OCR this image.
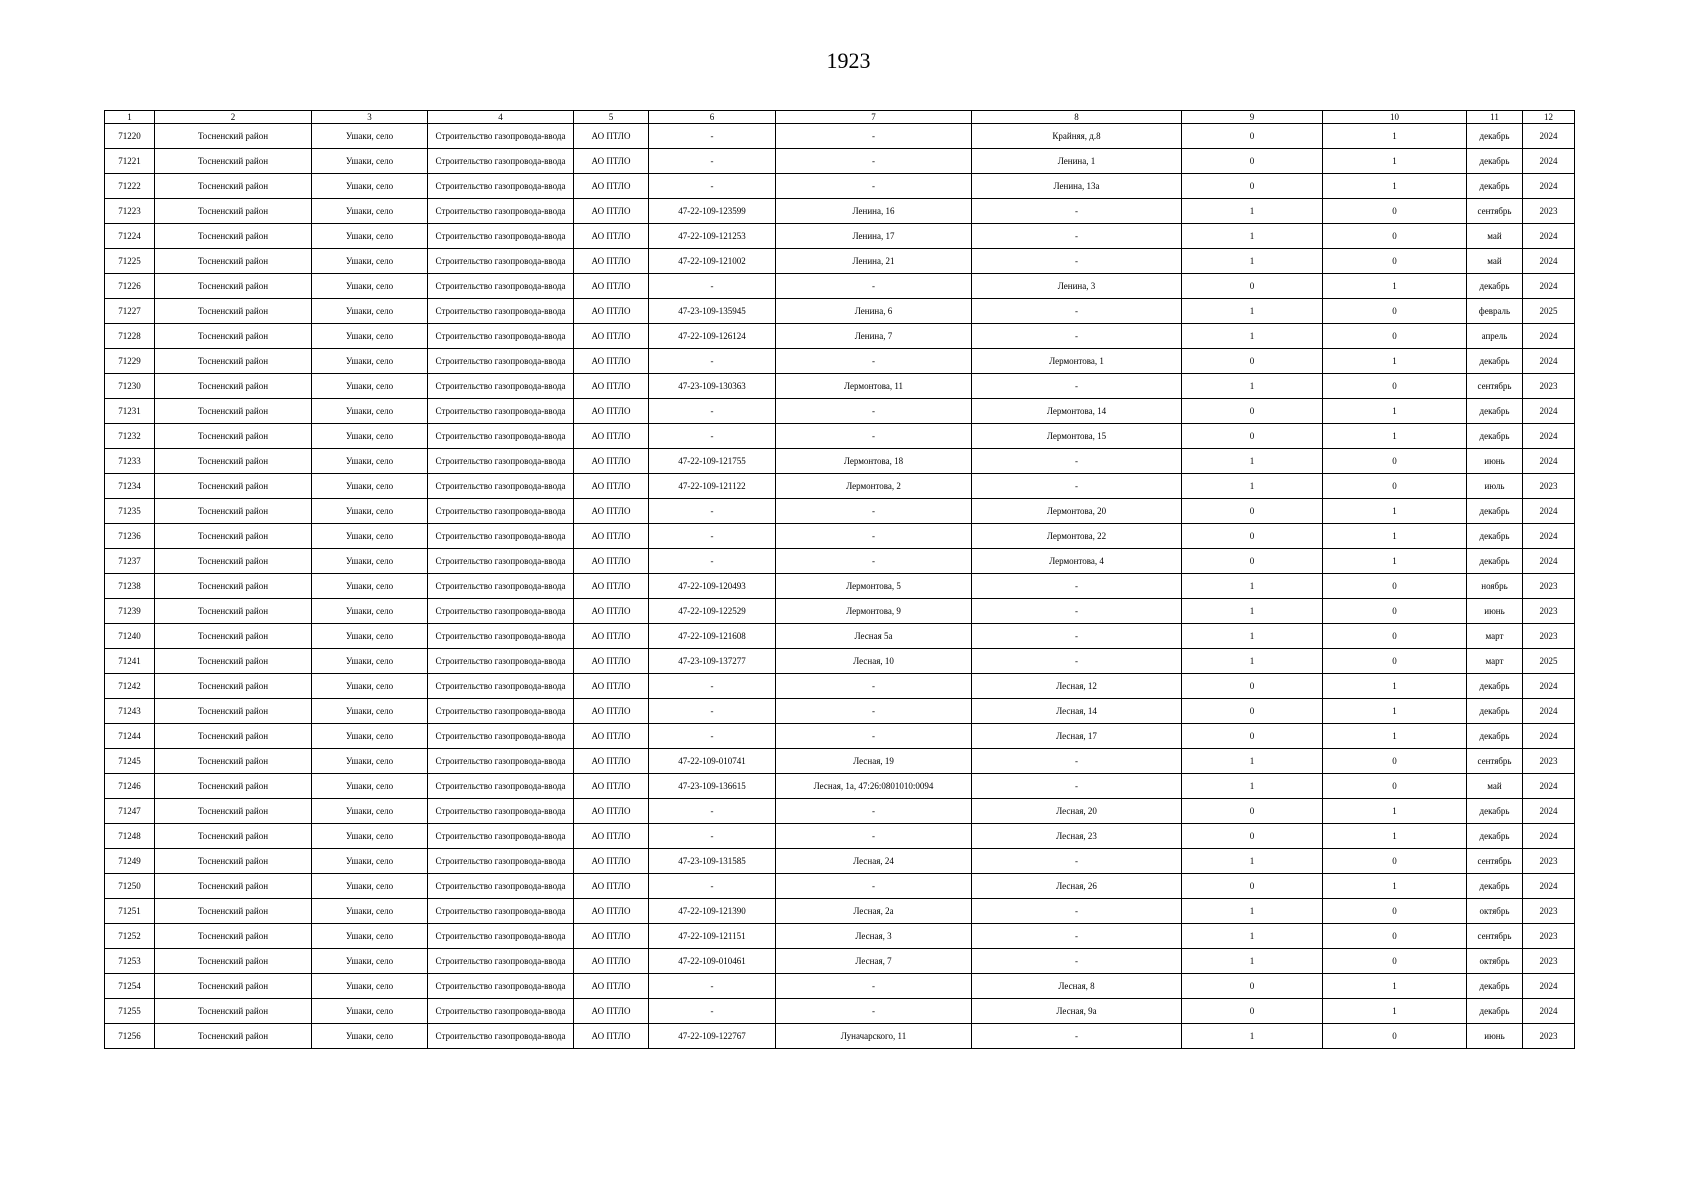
1923
1	2	3	4	5	6	7	8	9	10	11	12
71220	Тосненский район	Ушаки, село	Строительство газопровода-ввода	АО ПТЛО	-	-	Крайняя, д.8	0	1	декабрь	2024
71221	Тосненский район	Ушаки, село	Строительство газопровода-ввода	АО ПТЛО	-	-	Ленина, 1	0	1	декабрь	2024
71222	Тосненский район	Ушаки, село	Строительство газопровода-ввода	АО ПТЛО	-	-	Ленина, 13а	0	1	декабрь	2024
71223	Тосненский район	Ушаки, село	Строительство газопровода-ввода	АО ПТЛО	47-22-109-123599	Ленина, 16	-	1	0	сентябрь	2023
71224	Тосненский район	Ушаки, село	Строительство газопровода-ввода	АО ПТЛО	47-22-109-121253	Ленина, 17	-	1	0	май	2024
71225	Тосненский район	Ушаки, село	Строительство газопровода-ввода	АО ПТЛО	47-22-109-121002	Ленина, 21	-	1	0	май	2024
71226	Тосненский район	Ушаки, село	Строительство газопровода-ввода	АО ПТЛО	-	-	Ленина, 3	0	1	декабрь	2024
71227	Тосненский район	Ушаки, село	Строительство газопровода-ввода	АО ПТЛО	47-23-109-135945	Ленина, 6	-	1	0	февраль	2025
71228	Тосненский район	Ушаки, село	Строительство газопровода-ввода	АО ПТЛО	47-22-109-126124	Ленина, 7	-	1	0	апрель	2024
71229	Тосненский район	Ушаки, село	Строительство газопровода-ввода	АО ПТЛО	-	-	Лермонтова, 1	0	1	декабрь	2024
71230	Тосненский район	Ушаки, село	Строительство газопровода-ввода	АО ПТЛО	47-23-109-130363	Лермонтова, 11	-	1	0	сентябрь	2023
71231	Тосненский район	Ушаки, село	Строительство газопровода-ввода	АО ПТЛО	-	-	Лермонтова, 14	0	1	декабрь	2024
71232	Тосненский район	Ушаки, село	Строительство газопровода-ввода	АО ПТЛО	-	-	Лермонтова, 15	0	1	декабрь	2024
71233	Тосненский район	Ушаки, село	Строительство газопровода-ввода	АО ПТЛО	47-22-109-121755	Лермонтова, 18	-	1	0	июнь	2024
71234	Тосненский район	Ушаки, село	Строительство газопровода-ввода	АО ПТЛО	47-22-109-121122	Лермонтова, 2	-	1	0	июль	2023
71235	Тосненский район	Ушаки, село	Строительство газопровода-ввода	АО ПТЛО	-	-	Лермонтова, 20	0	1	декабрь	2024
71236	Тосненский район	Ушаки, село	Строительство газопровода-ввода	АО ПТЛО	-	-	Лермонтова, 22	0	1	декабрь	2024
71237	Тосненский район	Ушаки, село	Строительство газопровода-ввода	АО ПТЛО	-	-	Лермонтова, 4	0	1	декабрь	2024
71238	Тосненский район	Ушаки, село	Строительство газопровода-ввода	АО ПТЛО	47-22-109-120493	Лермонтова, 5	-	1	0	ноябрь	2023
71239	Тосненский район	Ушаки, село	Строительство газопровода-ввода	АО ПТЛО	47-22-109-122529	Лермонтова, 9	-	1	0	июнь	2023
71240	Тосненский район	Ушаки, село	Строительство газопровода-ввода	АО ПТЛО	47-22-109-121608	Лесная 5а	-	1	0	март	2023
71241	Тосненский район	Ушаки, село	Строительство газопровода-ввода	АО ПТЛО	47-23-109-137277	Лесная, 10	-	1	0	март	2025
71242	Тосненский район	Ушаки, село	Строительство газопровода-ввода	АО ПТЛО	-	-	Лесная, 12	0	1	декабрь	2024
71243	Тосненский район	Ушаки, село	Строительство газопровода-ввода	АО ПТЛО	-	-	Лесная, 14	0	1	декабрь	2024
71244	Тосненский район	Ушаки, село	Строительство газопровода-ввода	АО ПТЛО	-	-	Лесная, 17	0	1	декабрь	2024
71245	Тосненский район	Ушаки, село	Строительство газопровода-ввода	АО ПТЛО	47-22-109-010741	Лесная, 19	-	1	0	сентябрь	2023
71246	Тосненский район	Ушаки, село	Строительство газопровода-ввода	АО ПТЛО	47-23-109-136615	Лесная, 1а, 47:26:0801010:0094	-	1	0	май	2024
71247	Тосненский район	Ушаки, село	Строительство газопровода-ввода	АО ПТЛО	-	-	Лесная, 20	0	1	декабрь	2024
71248	Тосненский район	Ушаки, село	Строительство газопровода-ввода	АО ПТЛО	-	-	Лесная, 23	0	1	декабрь	2024
71249	Тосненский район	Ушаки, село	Строительство газопровода-ввода	АО ПТЛО	47-23-109-131585	Лесная, 24	-	1	0	сентябрь	2023
71250	Тосненский район	Ушаки, село	Строительство газопровода-ввода	АО ПТЛО	-	-	Лесная, 26	0	1	декабрь	2024
71251	Тосненский район	Ушаки, село	Строительство газопровода-ввода	АО ПТЛО	47-22-109-121390	Лесная, 2а	-	1	0	октябрь	2023
71252	Тосненский район	Ушаки, село	Строительство газопровода-ввода	АО ПТЛО	47-22-109-121151	Лесная, 3	-	1	0	сентябрь	2023
71253	Тосненский район	Ушаки, село	Строительство газопровода-ввода	АО ПТЛО	47-22-109-010461	Лесная, 7	-	1	0	октябрь	2023
71254	Тосненский район	Ушаки, село	Строительство газопровода-ввода	АО ПТЛО	-	-	Лесная, 8	0	1	декабрь	2024
71255	Тосненский район	Ушаки, село	Строительство газопровода-ввода	АО ПТЛО	-	-	Лесная, 9а	0	1	декабрь	2024
71256	Тосненский район	Ушаки, село	Строительство газопровода-ввода	АО ПТЛО	47-22-109-122767	Луначарского, 11	-	1	0	июнь	2023
